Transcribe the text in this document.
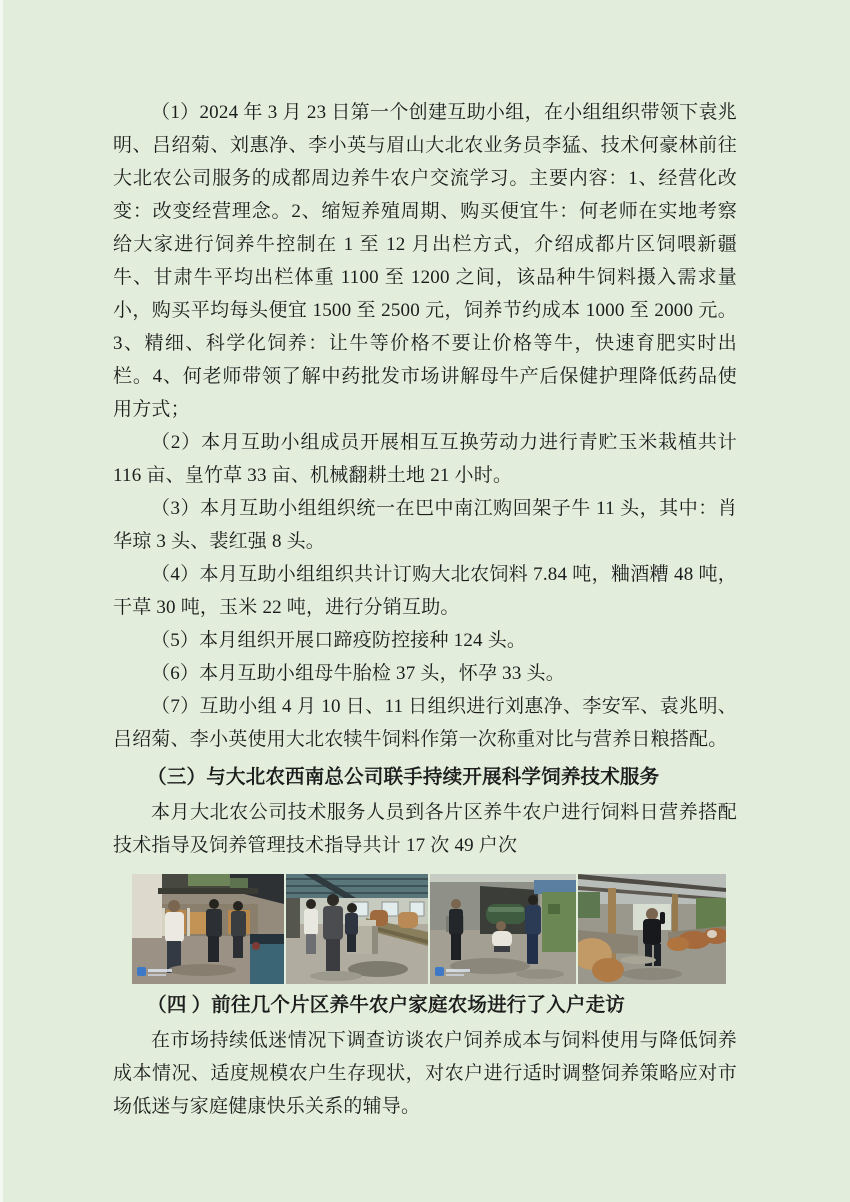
（1）2024 年 3 月 23 日第一个创建互助小组，在小组组织带领下袁兆明、吕绍菊、刘惠净、李小英与眉山大北农业务员李猛、技术何豪林前往大北农公司服务的成都周边养牛农户交流学习。主要内容：1、经营化改变：改变经营理念。2、缩短养殖周期、购买便宜牛：何老师在实地考察给大家进行饲养牛控制在 1 至 12 月出栏方式，介绍成都片区饲喂新疆牛、甘肃牛平均出栏体重 1100 至 1200 之间，该品种牛饲料摄入需求量小，购买平均每头便宜 1500 至 2500 元，饲养节约成本 1000 至 2000 元。3、精细、科学化饲养：让牛等价格不要让价格等牛，快速育肥实时出栏。4、何老师带领了解中药批发市场讲解母牛产后保健护理降低药品使用方式；

（2）本月互助小组成员开展相互互换劳动力进行青贮玉米栽植共计 116 亩、皇竹草 33 亩、机械翻耕土地 21 小时。

（3）本月互助小组组织统一在巴中南江购回架子牛 11 头，其中：肖华琼 3 头、裴红强 8 头。

（4）本月互助小组组织共计订购大北农饲料 7.84 吨，粬酒糟 48 吨，干草 30 吨，玉米 22 吨，进行分销互助。

（5）本月组织开展口蹄疫防控接种 124 头。

（6）本月互助小组母牛胎检 37 头，怀孕 33 头。

（7）互助小组 4 月 10 日、11 日组织进行刘惠净、李安军、袁兆明、吕绍菊、李小英使用大北农犊牛饲料作第一次称重对比与营养日粮搭配。

（三）与大北农西南总公司联手持续开展科学饲养技术服务

本月大北农公司技术服务人员到各片区养牛农户进行饲料日营养搭配技术指导及饲养管理技术指导共计 17 次 49 户次

（四 ）前往几个片区养牛农户家庭农场进行了入户走访

在市场持续低迷情况下调查访谈农户饲养成本与饲料使用与降低饲养成本情况、适度规模农户生存现状，对农户进行适时调整饲养策略应对市场低迷与家庭健康快乐关系的辅导。
